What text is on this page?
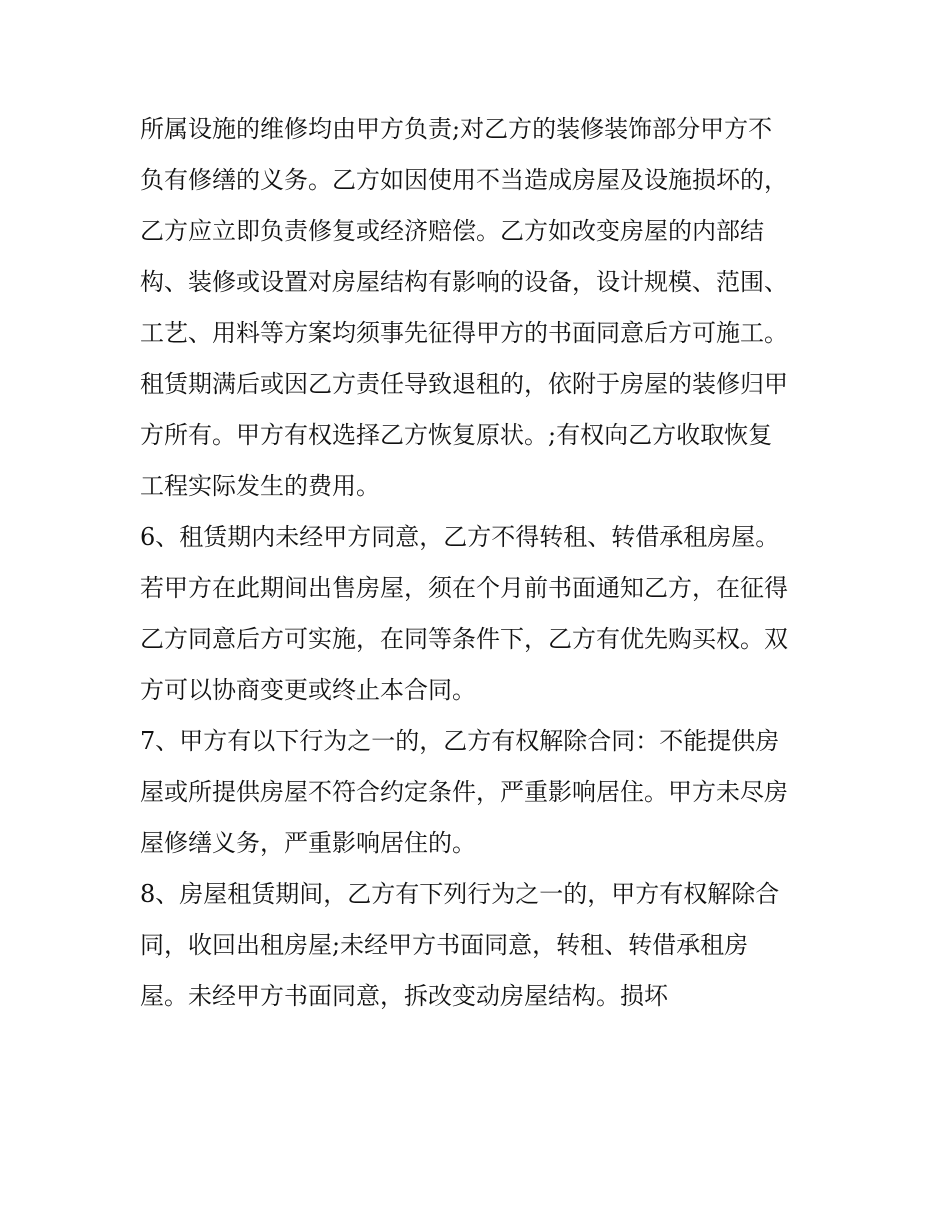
所属设施的维修均由甲方负责;对乙方的装修装饰部分甲方不
负有修缮的义务。乙方如因使用不当造成房屋及设施损坏的，
乙方应立即负责修复或经济赔偿。乙方如改变房屋的内部结
构、装修或设置对房屋结构有影响的设备，设计规模、范围、
工艺、用料等方案均须事先征得甲方的书面同意后方可施工。
租赁期满后或因乙方责任导致退租的，依附于房屋的装修归甲
方所有。甲方有权选择乙方恢复原状。;有权向乙方收取恢复
工程实际发生的费用。
6、租赁期内未经甲方同意，乙方不得转租、转借承租房屋。
若甲方在此期间出售房屋，须在个月前书面通知乙方，在征得
乙方同意后方可实施，在同等条件下，乙方有优先购买权。双
方可以协商变更或终止本合同。
7、甲方有以下行为之一的，乙方有权解除合同：不能提供房
屋或所提供房屋不符合约定条件，严重影响居住。甲方未尽房
屋修缮义务，严重影响居住的。
8、房屋租赁期间，乙方有下列行为之一的，甲方有权解除合
同，收回出租房屋;未经甲方书面同意，转租、转借承租房
屋。未经甲方书面同意，拆改变动房屋结构。损坏
